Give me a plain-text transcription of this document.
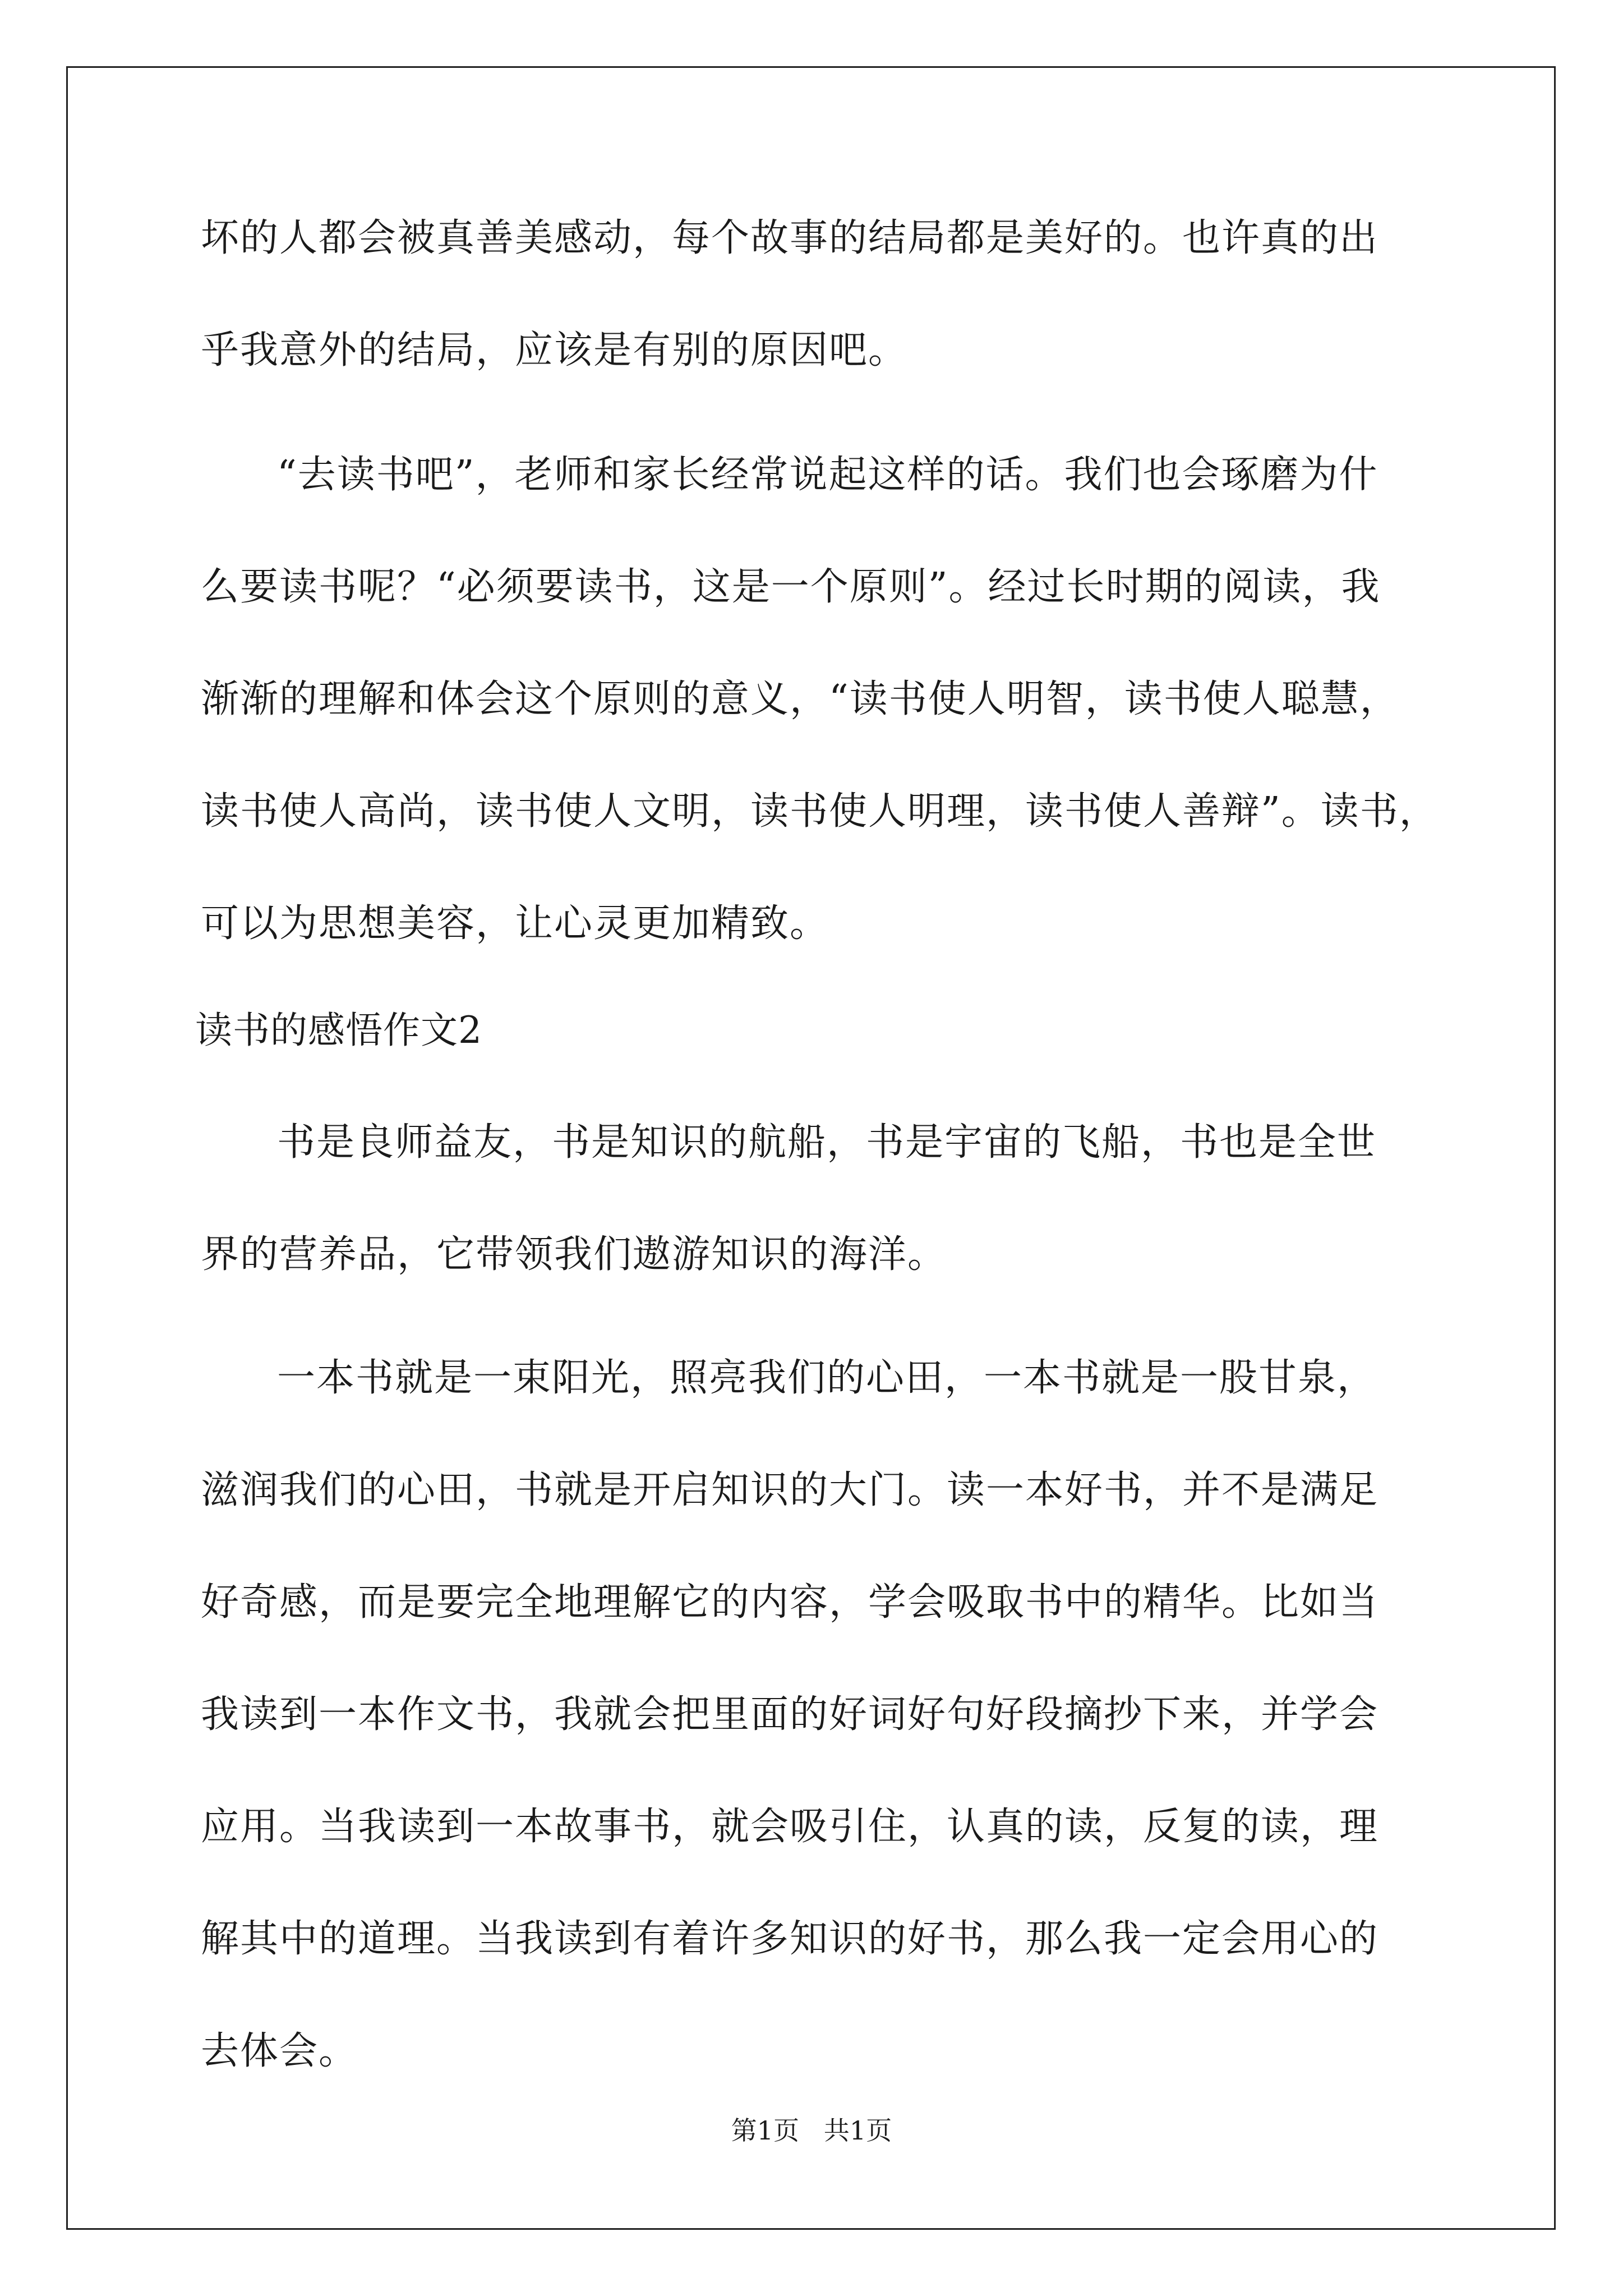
坏的人都会被真善美感动，每个故事的结局都是美好的。也许真的出
乎我意外的结局，应该是有别的原因吧。
“去读书吧”，老师和家长经常说起这样的话。我们也会琢磨为什
么要读书呢？“必须要读书，这是一个原则”。经过长时期的阅读，我
渐渐的理解和体会这个原则的意义，“读书使人明智，读书使人聪慧，
读书使人高尚，读书使人文明，读书使人明理，读书使人善辩”。读书，
可以为思想美容，让心灵更加精致。
读书的感悟作文2
书是良师益友，书是知识的航船，书是宇宙的飞船，书也是全世
界的营养品，它带领我们遨游知识的海洋。
一本书就是一束阳光，照亮我们的心田，一本书就是一股甘泉，
滋润我们的心田，书就是开启知识的大门。读一本好书，并不是满足
好奇感，而是要完全地理解它的内容，学会吸取书中的精华。比如当
我读到一本作文书，我就会把里面的好词好句好段摘抄下来，并学会
应用。当我读到一本故事书，就会吸引住，认真的读，反复的读，理
解其中的道理。当我读到有着许多知识的好书，那么我一定会用心的
去体会。
第1页   共1页
